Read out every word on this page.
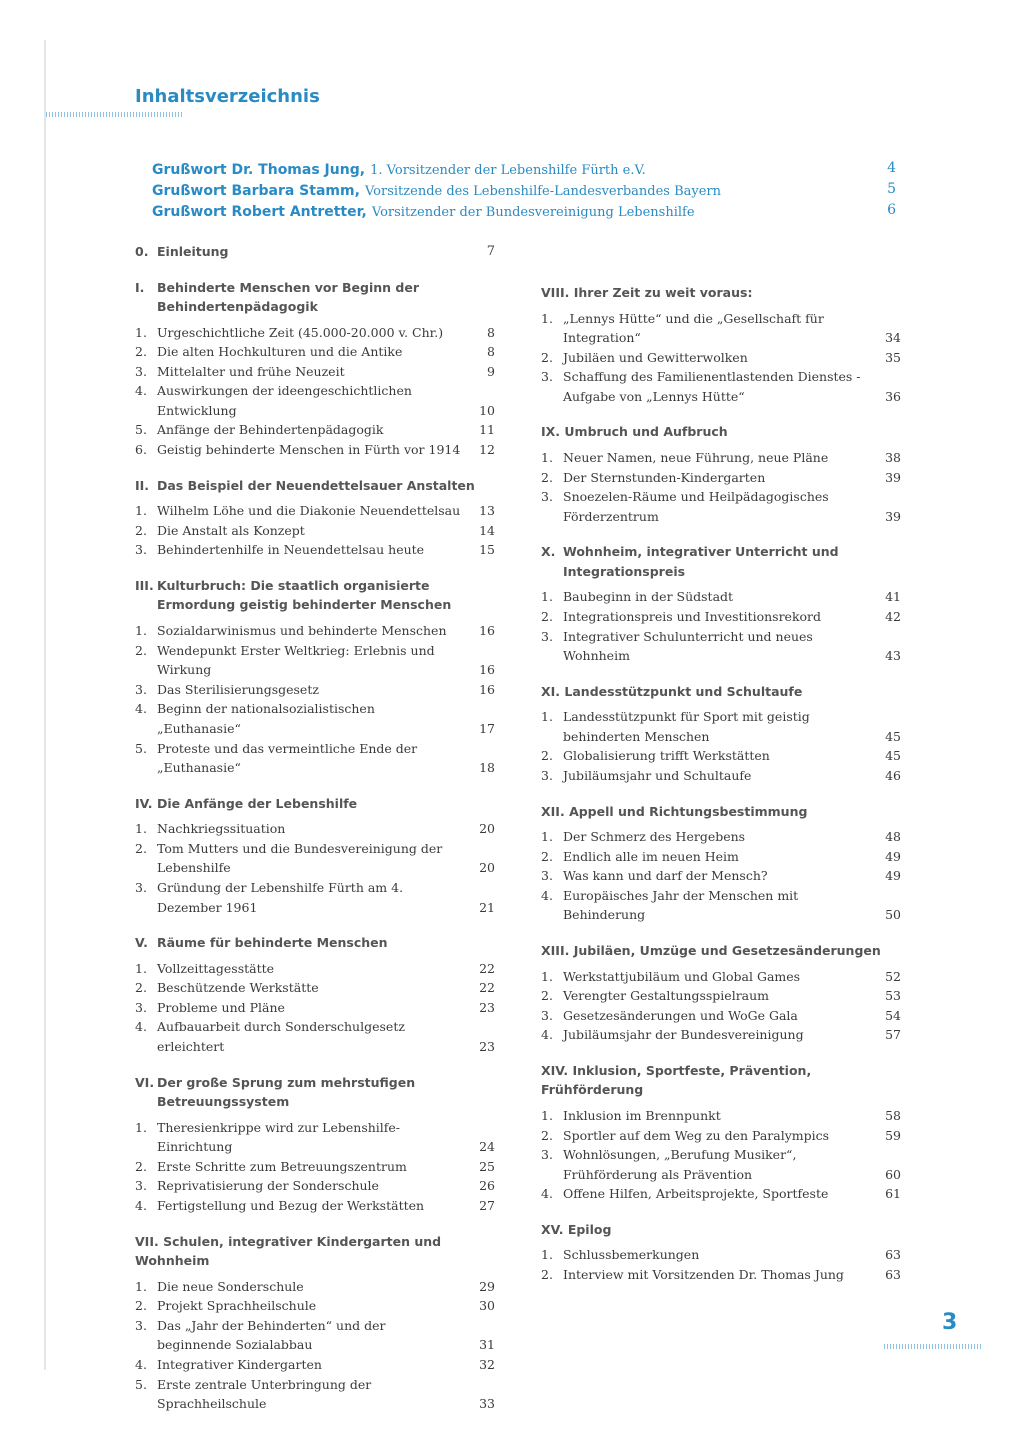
Inhaltsverzeichnis
Grußwort Dr. Thomas Jung, 1. Vorsitzender der Lebenshilfe Fürth e.V.	4
Grußwort Barbara Stamm, Vorsitzende des Lebenshilfe-Landesverbandes Bayern	5
Grußwort Robert Antretter, Vorsitzender der Bundesvereinigung Lebenshilfe	6
0. Einleitung	7
I.	Behinderte Menschen vor Beginn der Behindertenpädagogik
1. Urgeschichtliche Zeit (45.000-20.000 v. Chr.)	8
2. Die alten Hochkulturen und die Antike	8
3. Mittelalter und frühe Neuzeit	9
4. Auswirkungen der ideengeschichtlichen Entwicklung	10
5. Anfänge der Behindertenpädagogik	11
6. Geistig behinderte Menschen in Fürth vor 1914	12
II. Das Beispiel der Neuendettelsauer Anstalten
1. Wilhelm Löhe und die Diakonie Neuendettelsau	13
2. Die Anstalt als Konzept	14
3. Behindertenhilfe in Neuendettelsau heute	15
III. Kulturbruch: Die staatlich organisierte Ermordung geistig behinderter Menschen
1. Sozialdarwinismus und behinderte Menschen	16
2. Wendepunkt Erster Weltkrieg: Erlebnis und Wirkung	16
3. Das Sterilisierungsgesetz	16
4. Beginn der nationalsozialistischen „Euthanasie“	17
5. Proteste und das vermeintliche Ende der „Euthanasie“	18
IV. Die Anfänge der Lebenshilfe
1. Nachkriegssituation	20
2. Tom Mutters und die Bundesvereinigung der Lebenshilfe	20
3. Gründung der Lebenshilfe Fürth am 4. Dezember 1961	21
V. Räume für behinderte Menschen
1. Vollzeittagesstätte	22
2. Beschützende Werkstätte	22
3. Probleme und Pläne	23
4. Aufbauarbeit durch Sonderschulgesetz erleichtert	23
VI. Der große Sprung zum mehrstufigen Betreuungssystem
1. Theresienkrippe wird zur Lebenshilfe-Einrichtung	24
2. Erste Schritte zum Betreuungszentrum	25
3. Reprivatisierung der Sonderschule	26
4. Fertigstellung und Bezug der Werkstätten	27
VII. Schulen, integrativer Kindergarten und Wohnheim
1. Die neue Sonderschule	29
2. Projekt Sprachheilschule	30
3. Das „Jahr der Behinderten“ und der beginnende Sozialabbau	31
4. Integrativer Kindergarten	32
5. Erste zentrale Unterbringung der Sprachheilschule	33
VIII. Ihrer Zeit zu weit voraus:
1. „Lennys Hütte“ und die „Gesellschaft für Integration“	34
2. Jubiläen und Gewitterwolken	35
3. Schaffung des Familienentlastenden Dienstes - Aufgabe von „Lennys Hütte“	36
IX. Umbruch und Aufbruch
1. Neuer Namen, neue Führung, neue Pläne	38
2. Der Sternstunden-Kindergarten	39
3. Snoezelen-Räume und Heilpädagogisches Förderzentrum	39
X. Wohnheim, integrativer Unterricht und Integrationspreis
1. Baubeginn in der Südstadt	41
2. Integrationspreis und Investitionsrekord	42
3. Integrativer Schulunterricht und neues Wohnheim	43
XI. Landesstützpunkt und Schultaufe
1. Landesstützpunkt für Sport mit geistig behinderten Menschen	45
2. Globalisierung trifft Werkstätten	45
3. Jubiläumsjahr und Schultaufe	46
XII. Appell und Richtungsbestimmung
1. Der Schmerz des Hergebens	48
2. Endlich alle im neuen Heim	49
3. Was kann und darf der Mensch?	49
4. Europäisches Jahr der Menschen mit Behinderung	50
XIII. Jubiläen, Umzüge und Gesetzesänderungen
1. Werkstattjubiläum und Global Games	52
2. Verengter Gestaltungsspielraum	53
3. Gesetzesänderungen und WoGe Gala	54
4. Jubiläumsjahr der Bundesvereinigung	57
XIV. Inklusion, Sportfeste, Prävention, Frühförderung
1. Inklusion im Brennpunkt	58
2. Sportler auf dem Weg zu den Paralympics	59
3. Wohnlösungen, „Berufung Musiker“, Frühförderung als Prävention	60
4. Offene Hilfen, Arbeitsprojekte, Sportfeste	61
XV. Epilog
1. Schlussbemerkungen	63
2. Interview mit Vorsitzenden Dr. Thomas Jung	63
3
